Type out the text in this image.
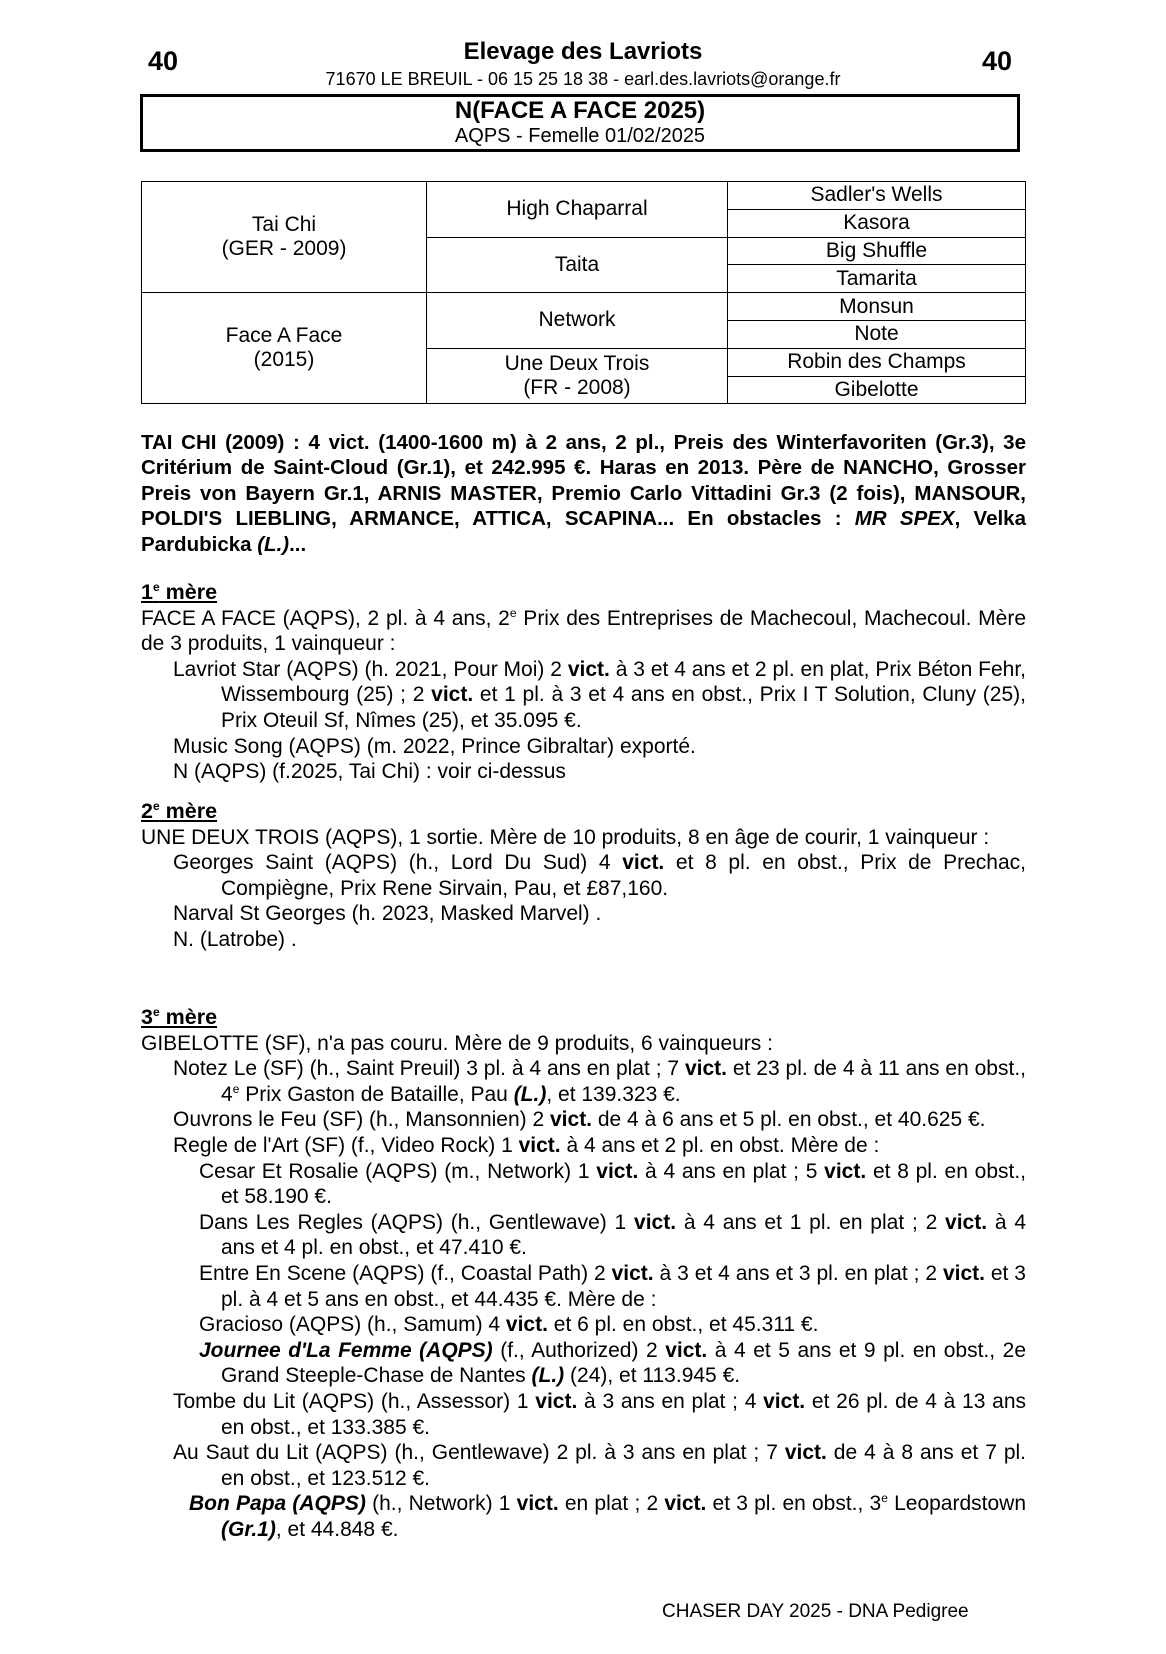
40	Elevage des Lavriots
71670 LE BREUIL - 06 15 25 18 38 - earl.des.lavriots@orange.fr
40
N(FACE A FACE 2025)
AQPS - Femelle 01/02/2025
Tai Chi
(GER - 2009)	High Chaparral	Sadler's Wells
		Kasora
	Taita	Big Shuffle
		Tamarita

Face A Face
(2015)	Network	Monsun
		Note

	Une Deux Trois
(FR - 2008)	Robin des Champs
		Gibelotte
TAI CHI (2009) : 4 vict. (1400-1600 m) à 2 ans, 2 pl., Preis des Winterfavoriten (Gr.3), 3e Critérium de Saint-Cloud (Gr.1), et 242.995 €. Haras en 2013. Père de NANCHO, Grosser Preis von Bayern Gr.1, ARNIS MASTER, Premio Carlo Vittadini Gr.3 (2 fois), MANSOUR, POLDI'S LIEBLING, ARMANCE, ATTICA, SCAPINA... En obstacles : MR SPEX, Velka Pardubicka (L.)...
1e mère
FACE A FACE (AQPS), 2 pl. à 4 ans, 2e Prix des Entreprises de Machecoul, Machecoul. Mère de 3 produits, 1 vainqueur :
Lavriot Star (AQPS) (h. 2021, Pour Moi) 2 vict. à 3 et 4 ans et 2 pl. en plat, Prix Béton Fehr, Wissembourg (25) ; 2 vict. et 1 pl. à 3 et 4 ans en obst., Prix I T Solution, Cluny (25), Prix Oteuil Sf, Nîmes (25), et 35.095 €.
Music Song (AQPS) (m. 2022, Prince Gibraltar) exporté.
N (AQPS) (f.2025, Tai Chi) : voir ci-dessus
2e mère
UNE DEUX TROIS (AQPS), 1 sortie. Mère de 10 produits, 8 en âge de courir, 1 vainqueur :
Georges Saint (AQPS) (h., Lord Du Sud) 4 vict. et 8 pl. en obst., Prix de Prechac, Compiègne, Prix Rene Sirvain, Pau, et £87,160.
Narval St Georges (h. 2023, Masked Marvel) .
N. (Latrobe) .
3e mère
GIBELOTTE (SF), n'a pas couru. Mère de 9 produits, 6 vainqueurs :
Notez Le (SF) (h., Saint Preuil) 3 pl. à 4 ans en plat ; 7 vict. et 23 pl. de 4 à 11 ans en obst., 4e Prix Gaston de Bataille, Pau (L.), et 139.323 €.
Ouvrons le Feu (SF) (h., Mansonnien) 2 vict. de 4 à 6 ans et 5 pl. en obst., et 40.625 €.
Regle de l'Art (SF) (f., Video Rock) 1 vict. à 4 ans et 2 pl. en obst. Mère de :
Cesar Et Rosalie (AQPS) (m., Network) 1 vict. à 4 ans en plat ; 5 vict. et 8 pl. en obst., et 58.190 €.
Dans Les Regles (AQPS) (h., Gentlewave) 1 vict. à 4 ans et 1 pl. en plat ; 2 vict. à 4 ans et 4 pl. en obst., et 47.410 €.
Entre En Scene (AQPS) (f., Coastal Path) 2 vict. à 3 et 4 ans et 3 pl. en plat ; 2 vict. et 3 pl. à 4 et 5 ans en obst., et 44.435 €. Mère de :
Gracioso (AQPS) (h., Samum) 4 vict. et 6 pl. en obst., et 45.311 €.
Journee d'La Femme (AQPS) (f., Authorized) 2 vict. à 4 et 5 ans et 9 pl. en obst., 2e Grand Steeple-Chase de Nantes (L.) (24), et 113.945 €.
Tombe du Lit (AQPS) (h., Assessor) 1 vict. à 3 ans en plat ; 4 vict. et 26 pl. de 4 à 13 ans en obst., et 133.385 €.
Au Saut du Lit (AQPS) (h., Gentlewave) 2 pl. à 3 ans en plat ; 7 vict. de 4 à 8 ans et 7 pl. en obst., et 123.512 €.
Bon Papa (AQPS) (h., Network) 1 vict. en plat ; 2 vict. et 3 pl. en obst., 3e Leopardstown (Gr.1), et 44.848 €.
CHASER DAY 2025 - DNA Pedigree
